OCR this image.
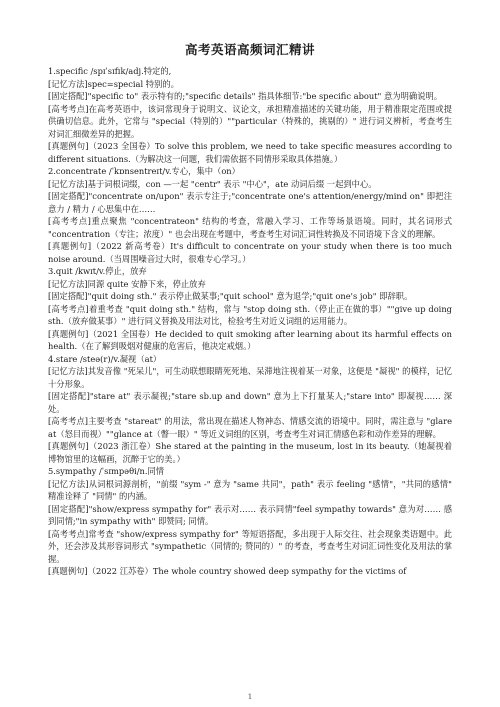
高考英语高频词汇精讲

1.specific /spɪˈsɪfɪk/adj.特定的,

[记忆方法]spec=special 特别的。

[固定搭配]"specific to" 表示特有的;"specific details" 指具体细节:"be specific about" 意为明确说明。

[高考考点]在高考英语中，该词常现身于说明文、议论文，承担精准描述的关键功能，用于精准限定范围或提供确切信息。此外，它常与 "special（特别的）""particular（特殊的，挑剔的）" 进行词义辨析，考查考生对词汇细微差异的把握。

[真题例句]（2023 全国卷）To solve this problem, we need to take specific measures according to different situations.（为解决这一问题，我们需依据不同情形采取具体措施。）

2.concentrate /ˈkɒnsentreɪt/v.专心，集中（on）

[记忆方法]基于词根词缀，con —一起 "centr" 表示 "中心"，ate 动词后缀 一起到中心。

[固定搭配]"concentrate on/upon" 表示专注于;"concentrate one's attention/energy/mind on" 即把注意力 / 精力 / 心思集中在……

[高考考点]重点聚焦 "concentrateon" 结构的考查，常融入学习、工作等场景语境。同时，其名词形式 "concentration（专注；浓度）" 也会出现在考题中，考查考生对词汇词性转换及不同语境下含义的理解。

[真题例句]（2022 新高考卷）It's difficult to concentrate on your study when there is too much noise around.（当周围噪音过大时，很难专心学习。）

3.quit /kwɪt/v.停止，放弃

[记忆方法]同源 quite 安静下来，停止放弃

[固定搭配]"quit doing sth." 表示停止做某事;"quit school" 意为退学;"quit one's job" 即辞职。

[高考考点]着重考查 "quit doing sth." 结构，常与 "stop doing sth.（停止正在做的事）""give up doing sth.（放弃做某事）" 进行同义替换及用法对比，检验考生对近义词组的运用能力。

[真题例句]（2021 全国卷）He decided to quit smoking after learning about its harmful effects on health.（在了解到吸烟对健康的危害后，他决定戒烟。）

4.stare /steə(r)/v.凝视（at）

[记忆方法]其发音像 "死呆儿"，可生动联想眼睛死死地、呆滞地注视着某一对象，这便是 "凝视" 的模样，记忆十分形象。

[固定搭配]"stare at" 表示凝视;"stare sb.up and down" 意为上下打量某人;"stare into" 即凝视…… 深处。

[高考考点]主要考查 "stareat" 的用法，常出现在描述人物神态、情感交流的语境中。同时，需注意与 "glare at（怒目而视）""glance at（瞥一眼）" 等近义词组的区别，考查考生对词汇情感色彩和动作差异的理解。

[真题例句]（2023 浙江卷）She stared at the painting in the museum, lost in its beauty.（她凝视着博物馆里的这幅画，沉醉于它的美。）

5.sympathy /ˈsɪmpəθi/n.同情

[记忆方法]从词根词源剖析，"前缀 "sym -" 意为 "same 共同"，path" 表示 feeling "感情"，"共同的感情" 精准诠释了 "同情" 的内涵。

[固定搭配]"show/express sympathy for" 表示对…… 表示同情"feel sympathy towards" 意为对…… 感到同情;"in sympathy with" 即赞同; 同情。

[高考考点]常考查 "show/express sympathy for" 等短语搭配，多出现于人际交往、社会现象类语题中。此外，还会涉及其形容词形式 "sympathetic（同情的; 赞同的）" 的考查，考查考生对词汇词性变化及用法的掌握。

[真题例句]（2022 江苏卷）The whole country showed deep sympathy for the victims of

1
